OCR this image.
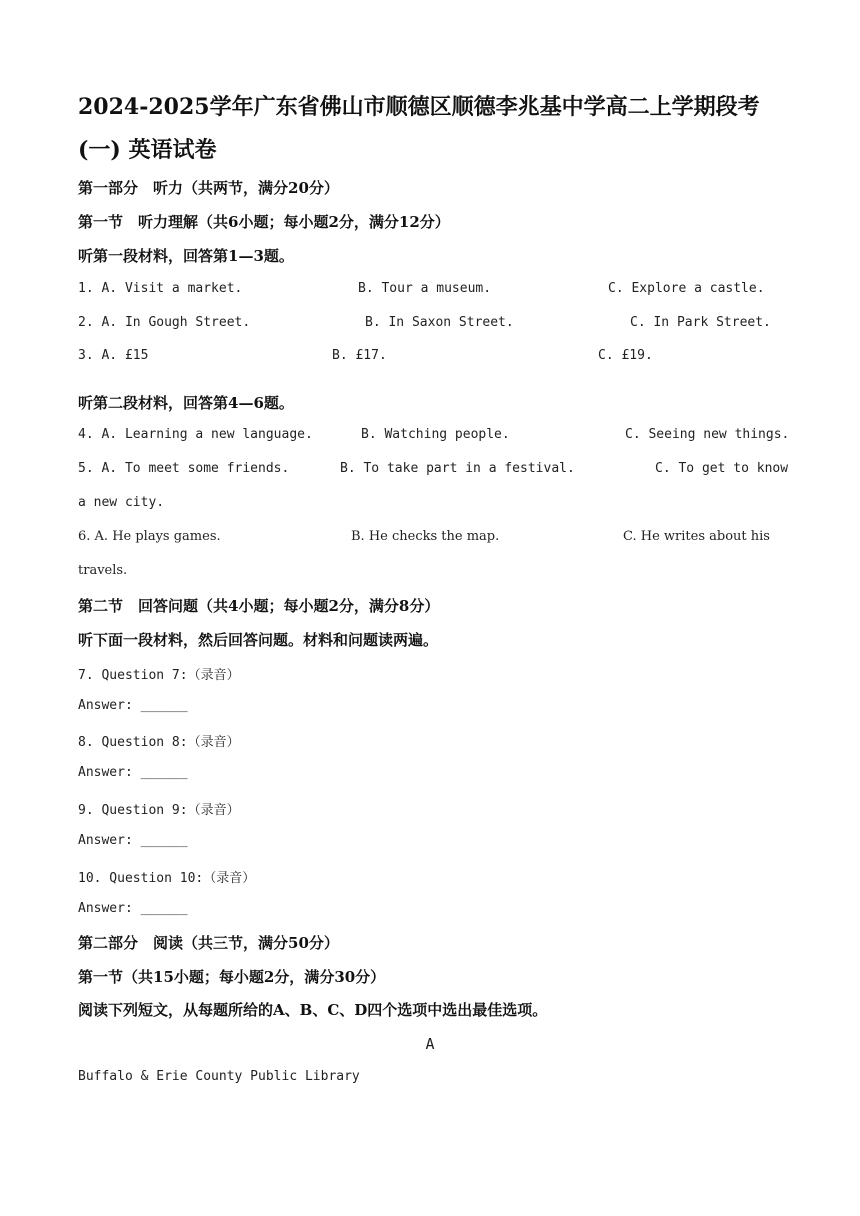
2024-2025学年广东省佛山市顺德区顺德李兆基中学高二上学期段考
(一) 英语试卷
第一部分　听力（共两节，满分20分）
第一节　听力理解（共6小题；每小题2分，满分12分）
听第一段材料，回答第1—3题。
1. A. Visit a market.	B. Tour a museum.	C. Explore a castle.
2. A. In Gough Street.	B. In Saxon Street.	C. In Park Street.
3. A. £15	B. £17.	C. £19.
听第二段材料，回答第4—6题。
4. A. Learning a new language.	B. Watching people.	C. Seeing new things.
5. A. To meet some friends.	B. To take part in a festival.	C. To get to know
a new city.
6. A. He plays games.	B. He checks the map.	C. He writes about his
travels.
第二节　回答问题（共4小题；每小题2分，满分8分）
听下面一段材料，然后回答问题。材料和问题读两遍。
7. Question 7:（录音）
Answer: ______
8. Question 8:（录音）
Answer: ______
9. Question 9:（录音）
Answer: ______
10. Question 10:（录音）
Answer: ______
第二部分　阅读（共三节，满分50分）
第一节（共15小题；每小题2分，满分30分）
阅读下列短文，从每题所给的A、B、C、D四个选项中选出最佳选项。
A
Buffalo & Erie County Public Library
